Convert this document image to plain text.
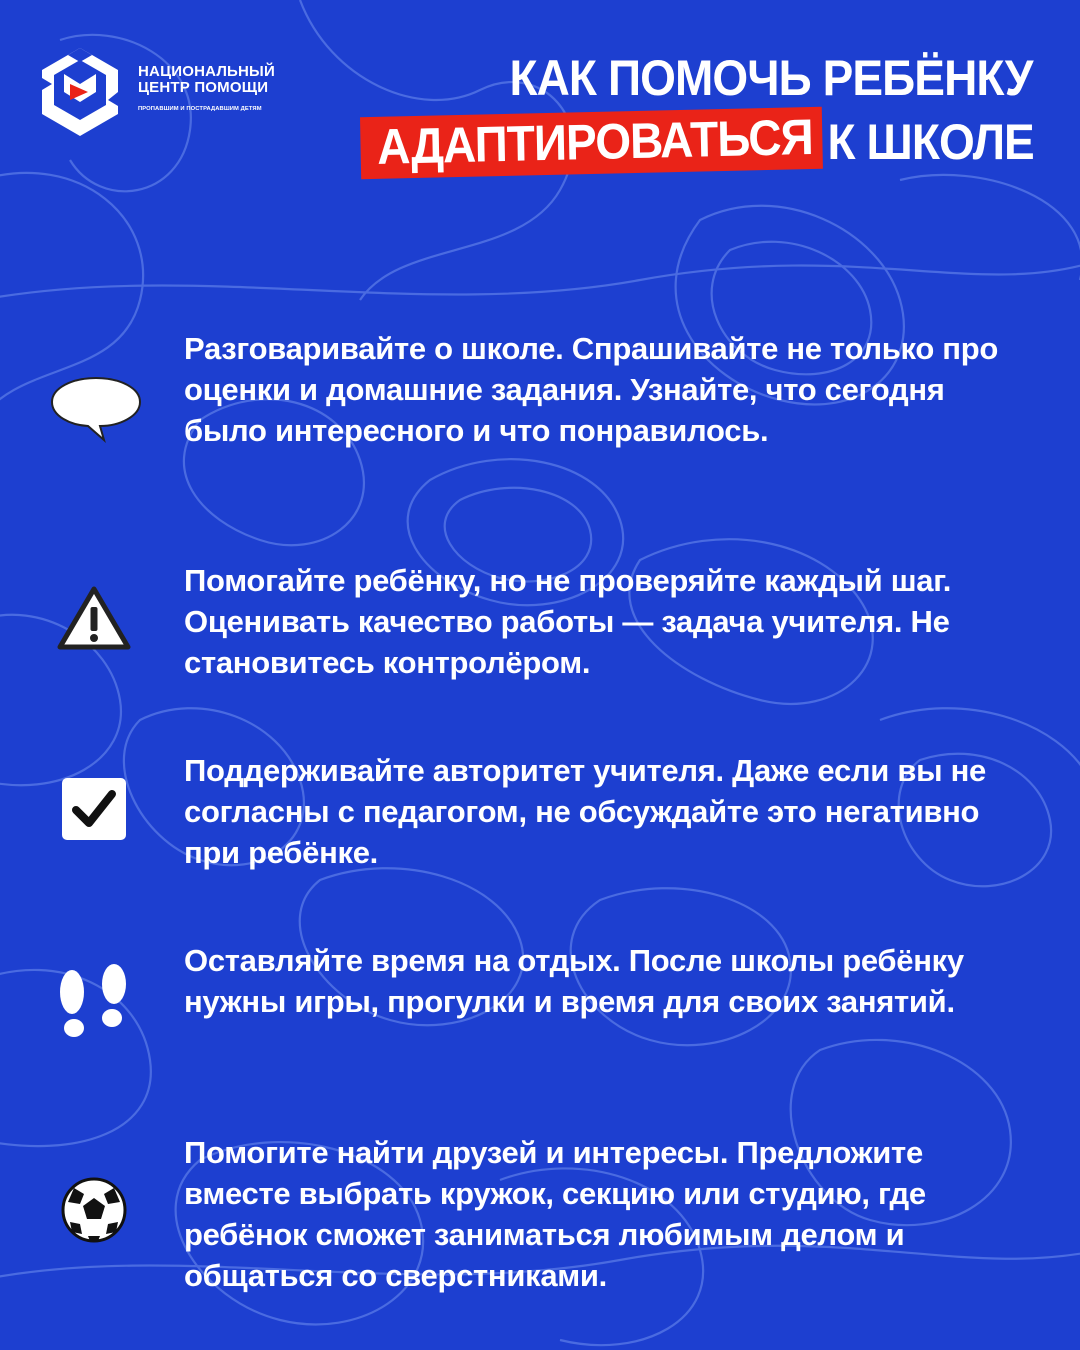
НАЦИОНАЛЬНЫЙ
ЦЕНТР ПОМОЩИ
ПРОПАВШИМ И ПОСТРАДАВШИМ ДЕТЯМ
КАК ПОМОЧЬ РЕБЁНКУ
АДАПТИРОВАТЬСЯ К ШКОЛЕ
Разговаривайте о школе. Спрашивайте не только про оценки и домашние задания. Узнайте, что сегодня было интересного и что понравилось.
Помогайте ребёнку, но не проверяйте каждый шаг. Оценивать качество работы — задача учителя. Не становитесь контролёром.
Поддерживайте авторитет учителя. Даже если вы не согласны с педагогом, не обсуждайте это негативно при ребёнке.
Оставляйте время на отдых. После школы ребёнку нужны игры, прогулки и время для своих занятий.
Помогите найти друзей и интересы. Предложите вместе выбрать кружок, секцию или студию, где ребёнок сможет заниматься любимым делом и общаться со сверстниками.
